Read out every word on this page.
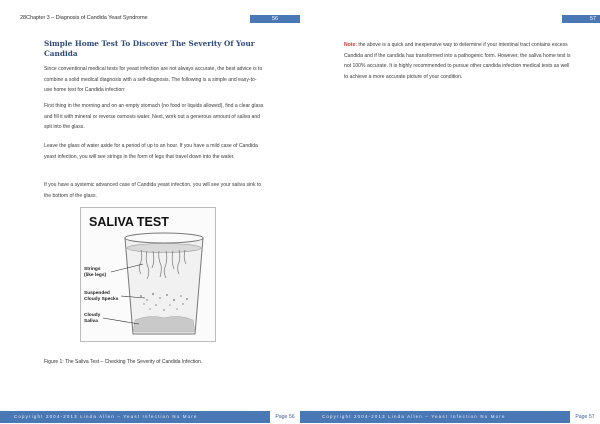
28Chapter 3 – Diagnosis of Candida Yeast Syndrome	56
Simple Home Test To Discover The Severity Of Your Candida

Since conventional medical tests for yeast infection are not always accurate, the best advice is to combine a solid medical diagnosis with a self-diagnosis. The following is a simple and easy-to-use home test for Candida infection:

First thing in the morning and on an empty stomach (no food or liquids allowed), find a clear glass and fill it with mineral or reverse osmosis water. Next, work out a generous amount of saliva and spit into the glass.

Leave the glass of water aside for a period of up to an hour. If you have a mild case of Candida yeast infection, you will see strings in the form of legs that travel down into the water.

If you have a systemic advanced case of Candida yeast infection, you will see your saliva sink to the bottom of the glass.

SALIVA TEST
Strings
(like legs)
Suspended
Cloudy Specks
Cloudy
Saliva
Figure 1: The Saliva Test – Checking The Severity of Candida Infection.
Copyright 2004-2013 Linda Allen – Yeast Infection No More	Page 56
57

Note: the above is a quick and inexpensive way to determine if your intestinal tract contains excess Candida and if the candida has transformed into a pathogenic form. However, the saliva home test is not 100% accurate. It is highly recommended to pursue other candida infection medical tests as well to achieve a more accurate picture of your condition.

Copyright 2004-2013 Linda Allen – Yeast Infection No More	Page 57
